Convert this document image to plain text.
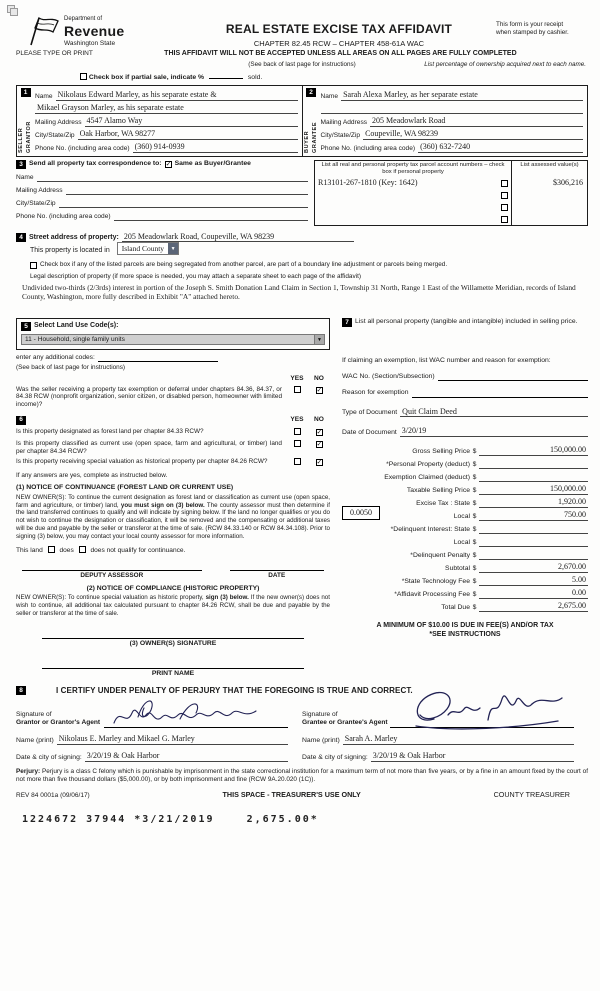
Department of
Revenue
Washington State
REAL ESTATE EXCISE TAX AFFIDAVIT
CHAPTER 82.45 RCW – CHAPTER 458-61A WAC
This form is your receipt
when stamped by cashier.
PLEASE TYPE OR PRINT	THIS AFFIDAVIT WILL NOT BE ACCEPTED UNLESS ALL AREAS ON ALL PAGES ARE FULLY COMPLETED
(See back of last page for instructions)	List percentage of ownership acquired next to each name.
Check box if partial sale, indicate %	sold.
1
SELLER GRANTOR
Name Nikolaus Edward Marley, as his separate estate &
Mikael Grayson Marley, as his separate estate
Mailing Address 4547 Alamo Way
City/State/Zip Oak Harbor, WA 98277
Phone No. (including area code) (360) 914-0939
2
BUYER GRANTEE
Name Sarah Alexa Marley, as her separate estate
Mailing Address 205 Meadowlark Road
City/State/Zip Coupeville, WA 98239
Phone No. (including area code) (360) 632-7240
3 Send all property tax correspondence to: ✓ Same as Buyer/Grantee
Name
Mailing Address
City/State/Zip
Phone No. (including area code)
List all real and personal property tax parcel account numbers – check box if personal property
List assessed value(s)
R13101-267-1810 (Key: 1642)	$306,216
4 Street address of property: 205 Meadowlark Road, Coupeville, WA 98239
This property is located in	Island County	▼
Check box if any of the listed parcels are being segregated from another parcel, are part of a boundary line adjustment or parcels being merged.
Legal description of property (if more space is needed, you may attach a separate sheet to each page of the affidavit)
Undivided two-thirds (2/3rds) interest in portion of the Joseph S. Smith Donation Land Claim in Section 1, Township 31 North, Range 1 East of the Willamette Meridian, records of Island County, Washington, more fully described in Exhibit "A" attached hereto.
5 Select Land Use Code(s):
11 - Household, single family units	▼
enter any additional codes:
(See back of last page for instructions)
YES	NO
Was the seller receiving a property tax exemption or deferral under chapters 84.36, 84.37, or 84.38 RCW (nonprofit organization, senior citizen, or disabled person, homeowner with limited income)?
✓
6	YES	NO
Is this property designated as forest land per chapter 84.33 RCW?	✓
Is this property classified as current use (open space, farm and agricultural, or timber) land per chapter 84.34 RCW?
✓
Is this property receiving special valuation as historical property per chapter 84.26 RCW?	✓
If any answers are yes, complete as instructed below.
(1) NOTICE OF CONTINUANCE (FOREST LAND OR CURRENT USE)
NEW OWNER(S): To continue the current designation as forest land or classification as current use (open space, farm and agriculture, or timber) land, you must sign on (3) below. The county assessor must then determine if the land transferred continues to qualify and will indicate by signing below. If the land no longer qualifies or you do not wish to continue the designation or classification, it will be removed and the compensating or additional taxes will be due and payable by the seller or transferor at the time of sale. (RCW 84.33.140 or RCW 84.34.108). Prior to signing (3) below, you may contact your local county assessor for more information.
This land	does	does not qualify for continuance.
DEPUTY ASSESSOR	DATE
(2) NOTICE OF COMPLIANCE (HISTORIC PROPERTY)
NEW OWNER(S): To continue special valuation as historic property, sign (3) below. If the new owner(s) does not wish to continue, all additional tax calculated pursuant to chapter 84.26 RCW, shall be due and payable by the seller or transferor at the time of sale.
(3) OWNER(S) SIGNATURE
PRINT NAME
7 List all personal property (tangible and intangible) included in selling price.
If claiming an exemption, list WAC number and reason for exemption:
WAC No. (Section/Subsection)
Reason for exemption
Type of Document Quit Claim Deed
Date of Document 3/20/19
Gross Selling Price $	150,000.00
*Personal Property (deduct) $
Exemption Claimed (deduct) $
Taxable Selling Price $	150,000.00
Excise Tax : State $	1,920.00
0.0050	Local $	750.00
*Delinquent Interest: State $
Local $
*Delinquent Penalty $
Subtotal $	2,670.00
*State Technology Fee $	5.00
*Affidavit Processing Fee $	0.00
Total Due $	2,675.00
A MINIMUM OF $10.00 IS DUE IN FEE(S) AND/OR TAX
*SEE INSTRUCTIONS
8	I CERTIFY UNDER PENALTY OF PERJURY THAT THE FOREGOING IS TRUE AND CORRECT.
Signature of
Grantor or Grantor's Agent
Name (print) Nikolaus E. Marley and Mikael G. Marley
Date & city of signing: 3/20/19 & Oak Harbor
Signature of
Grantee or Grantee's Agent
Name (print) Sarah A. Marley
Date & city of signing: 3/20/19 & Oak Harbor
Perjury: Perjury is a class C felony which is punishable by imprisonment in the state correctional institution for a maximum term of not more than five years, or by a fine in an amount fixed by the court of not more than five thousand dollars ($5,000.00), or by both imprisonment and fine (RCW 9A.20.020 (1C)).
REV 84 0001a (09/06/17)	THIS SPACE - TREASURER'S USE ONLY	COUNTY TREASURER
1224672 37944 *3/21/2019    2,675.00*
